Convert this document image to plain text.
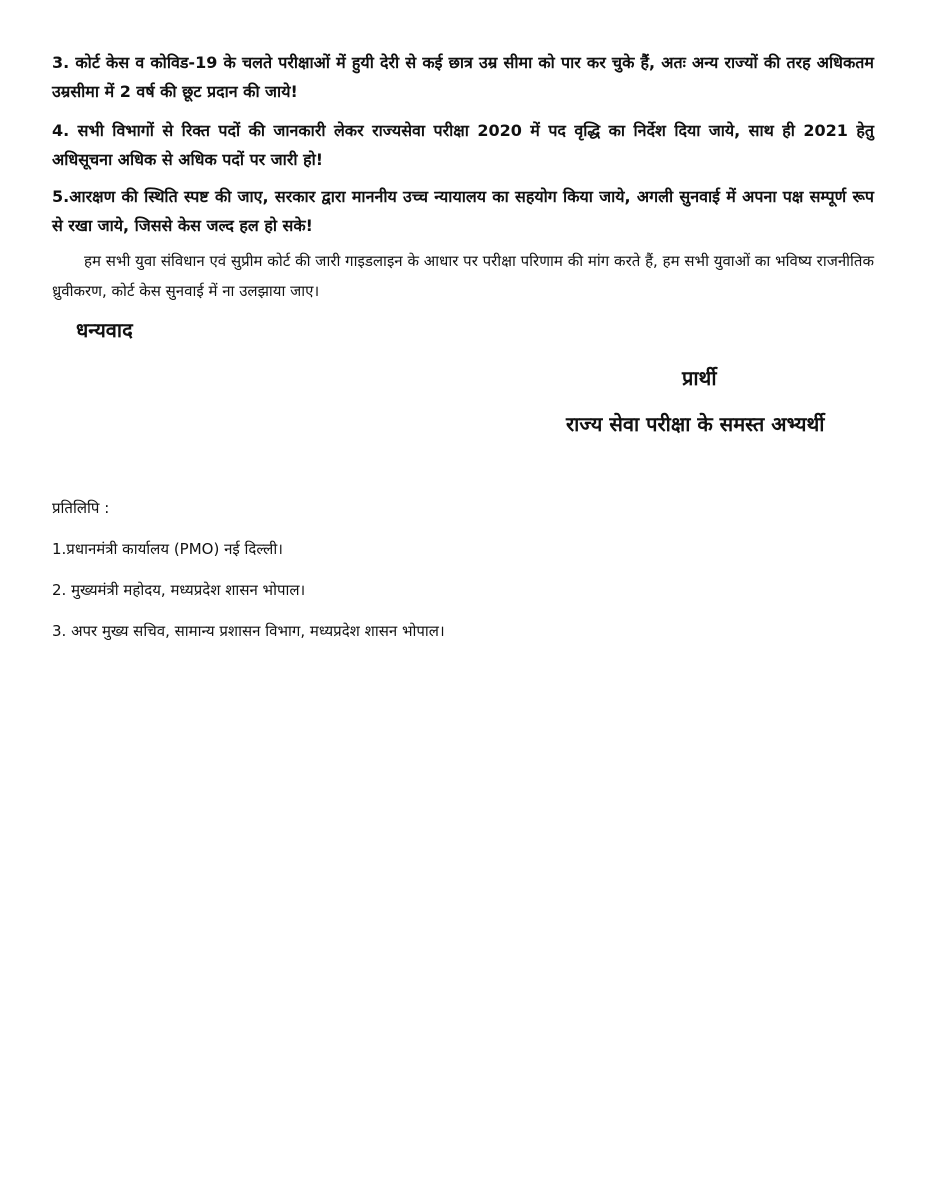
3. कोर्ट केस व कोविड-19 के चलते परीक्षाओं में हुयी देरी से कई छात्र उम्र सीमा को पार कर चुके हैं, अतः अन्य राज्यों की तरह अधिकतम उम्रसीमा में 2 वर्ष की छूट प्रदान की जाये!

4. सभी विभागों से रिक्त पदों की जानकारी लेकर राज्यसेवा परीक्षा 2020 में पद वृद्धि का निर्देश दिया जाये, साथ ही 2021 हेतु अधिसूचना अधिक से अधिक पदों पर जारी हो!

5.आरक्षण की स्थिति स्पष्ट की जाए, सरकार द्वारा माननीय उच्च न्यायालय का सहयोग किया जाये, अगली सुनवाई में अपना पक्ष सम्पूर्ण रूप से रखा जाये, जिससे केस जल्द हल हो सके!

हम सभी युवा संविधान एवं सुप्रीम कोर्ट की जारी गाइडलाइन के आधार पर परीक्षा परिणाम की मांग करते हैं, हम सभी युवाओं का भविष्य राजनीतिक ध्रुवीकरण, कोर्ट केस सुनवाई में ना उलझाया जाए।

धन्यवाद

प्रार्थी

राज्य सेवा परीक्षा के समस्त अभ्यर्थी

प्रतिलिपि :

1.प्रधानमंत्री कार्यालय (PMO) नई दिल्ली।

2. मुख्यमंत्री महोदय, मध्यप्रदेश शासन भोपाल।

3. अपर मुख्य सचिव, सामान्य प्रशासन विभाग, मध्यप्रदेश शासन भोपाल।
